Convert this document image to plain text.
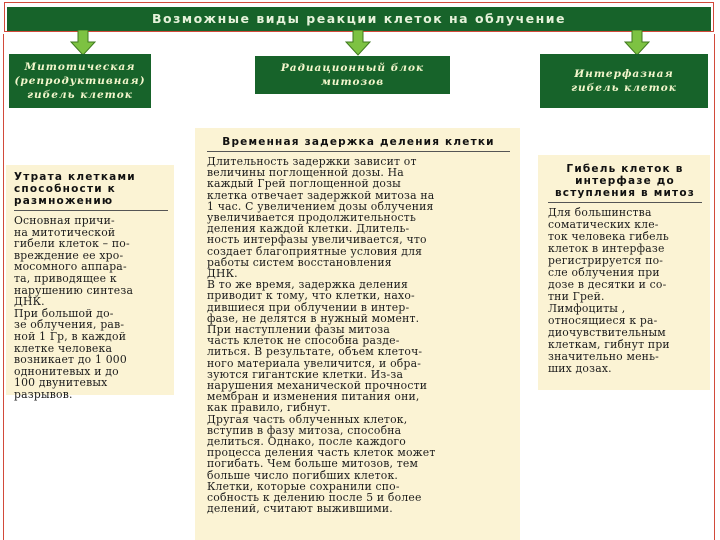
Возможные виды реакции клеток на облучение
Митотическая (репродуктивная) гибель клеток
Радиационный блок митозов
Интерфазная гибель клеток
Утрата клетками способности к размножению
Основная причи-
на митотической
гибели клеток – по-
вреждение ее хро-
мосомного аппара-
та, приводящее к
нарушению синтеза
ДНК.
При большой до-
зе облучения, рав-
ной 1 Гр, в каждой
клетке человека
возникает до 1 000
однонитевых и до
100 двунитевых
разрывов.
Временная задержка деления клетки
Длительность задержки зависит от
величины поглощенной дозы. На
каждый Грей поглощенной дозы
клетка отвечает задержкой митоза на
1 час. С увеличением дозы облучения
увеличивается продолжительность
деления каждой клетки. Длитель-
ность интерфазы увеличивается, что
создает благоприятные условия для
работы систем восстановления
ДНК.
В то же время, задержка деления
приводит к тому, что клетки, нахо-
дившиеся при облучении в интер-
фазе, не делятся в нужный момент.
При наступлении фазы митоза
часть клеток не способна разде-
литься. В результате, объем клеточ-
ного материала увеличится, и обра-
зуются гигантские клетки. Из-за
нарушения механической прочности
мембран и изменения питания они,
как правило, гибнут.
Другая часть облученных клеток,
вступив в фазу митоза, способна
делиться. Однако, после каждого
процесса деления часть клеток может
погибать. Чем больше митозов, тем
больше число погибших клеток.
Клетки, которые сохранили спо-
собность к делению после 5 и более
делений, считают выжившими.
Гибель клеток в интерфазе до вступления в митоз
Для большинства
соматических кле-
ток человека гибель
клеток в интерфазе
регистрируется по-
сле облучения при
дозе в десятки и со-
тни Грей.
Лимфоциты ,
относящиеся к ра-
диочувствительным
клеткам, гибнут при
значительно мень-
ших дозах.
